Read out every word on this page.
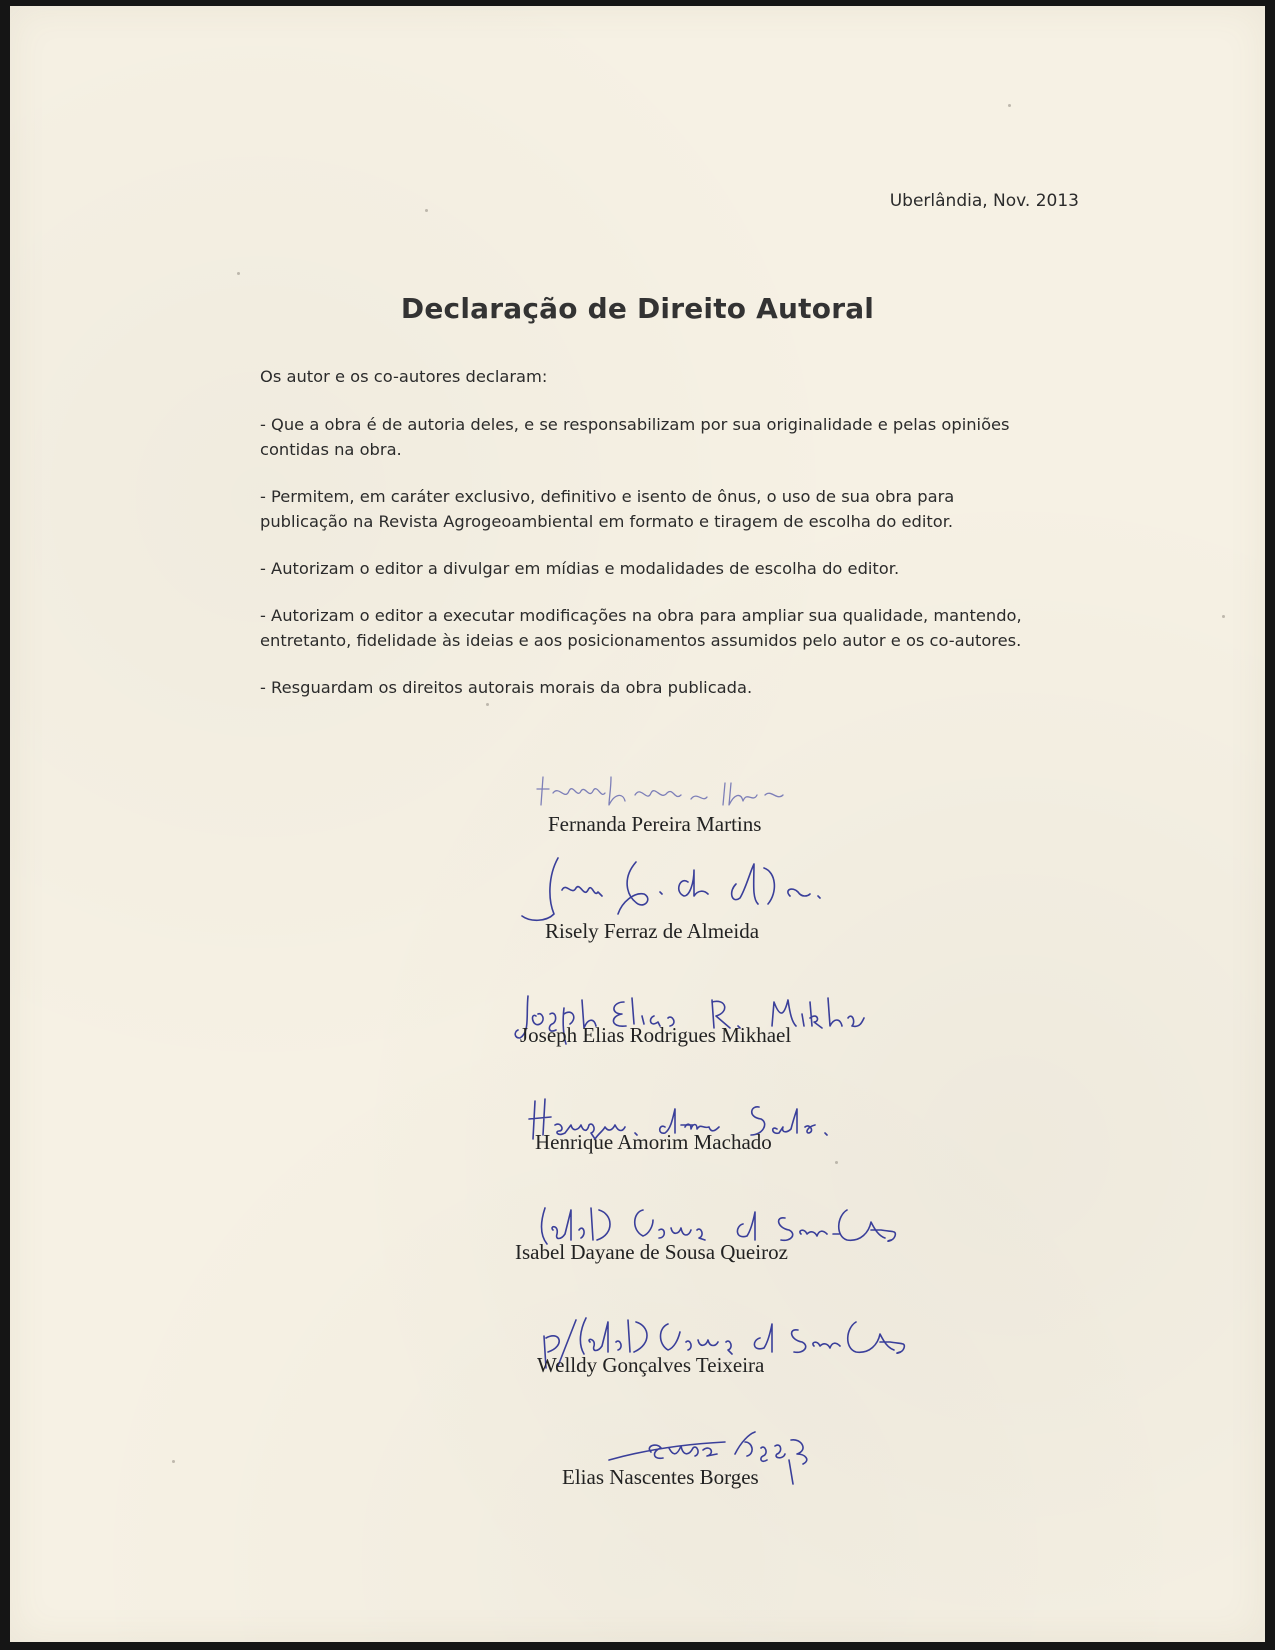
Uberlândia, Nov. 2013
Declaração de Direito Autoral

Os autor e os co-autores declaram:

- Que a obra é de autoria deles, e se responsabilizam por sua originalidade e pelas opiniões

contidas na obra.

- Permitem, em caráter exclusivo, definitivo e isento de ônus, o uso de sua obra para

publicação na Revista Agrogeoambiental em formato e tiragem de escolha do editor.

- Autorizam o editor a divulgar em mídias e modalidades de escolha do editor.

- Autorizam o editor a executar modificações na obra para ampliar sua qualidade, mantendo,

entretanto, fidelidade às ideias e aos posicionamentos assumidos pelo autor e os co-autores.

- Resguardam os direitos autorais morais da obra publicada.

Fernanda Pereira Martins
Risely Ferraz de Almeida
Joseph Elias Rodrigues Mikhael
Henrique Amorim Machado
Isabel Dayane de Sousa Queiroz
Welldy Gonçalves Teixeira
Elias Nascentes Borges
